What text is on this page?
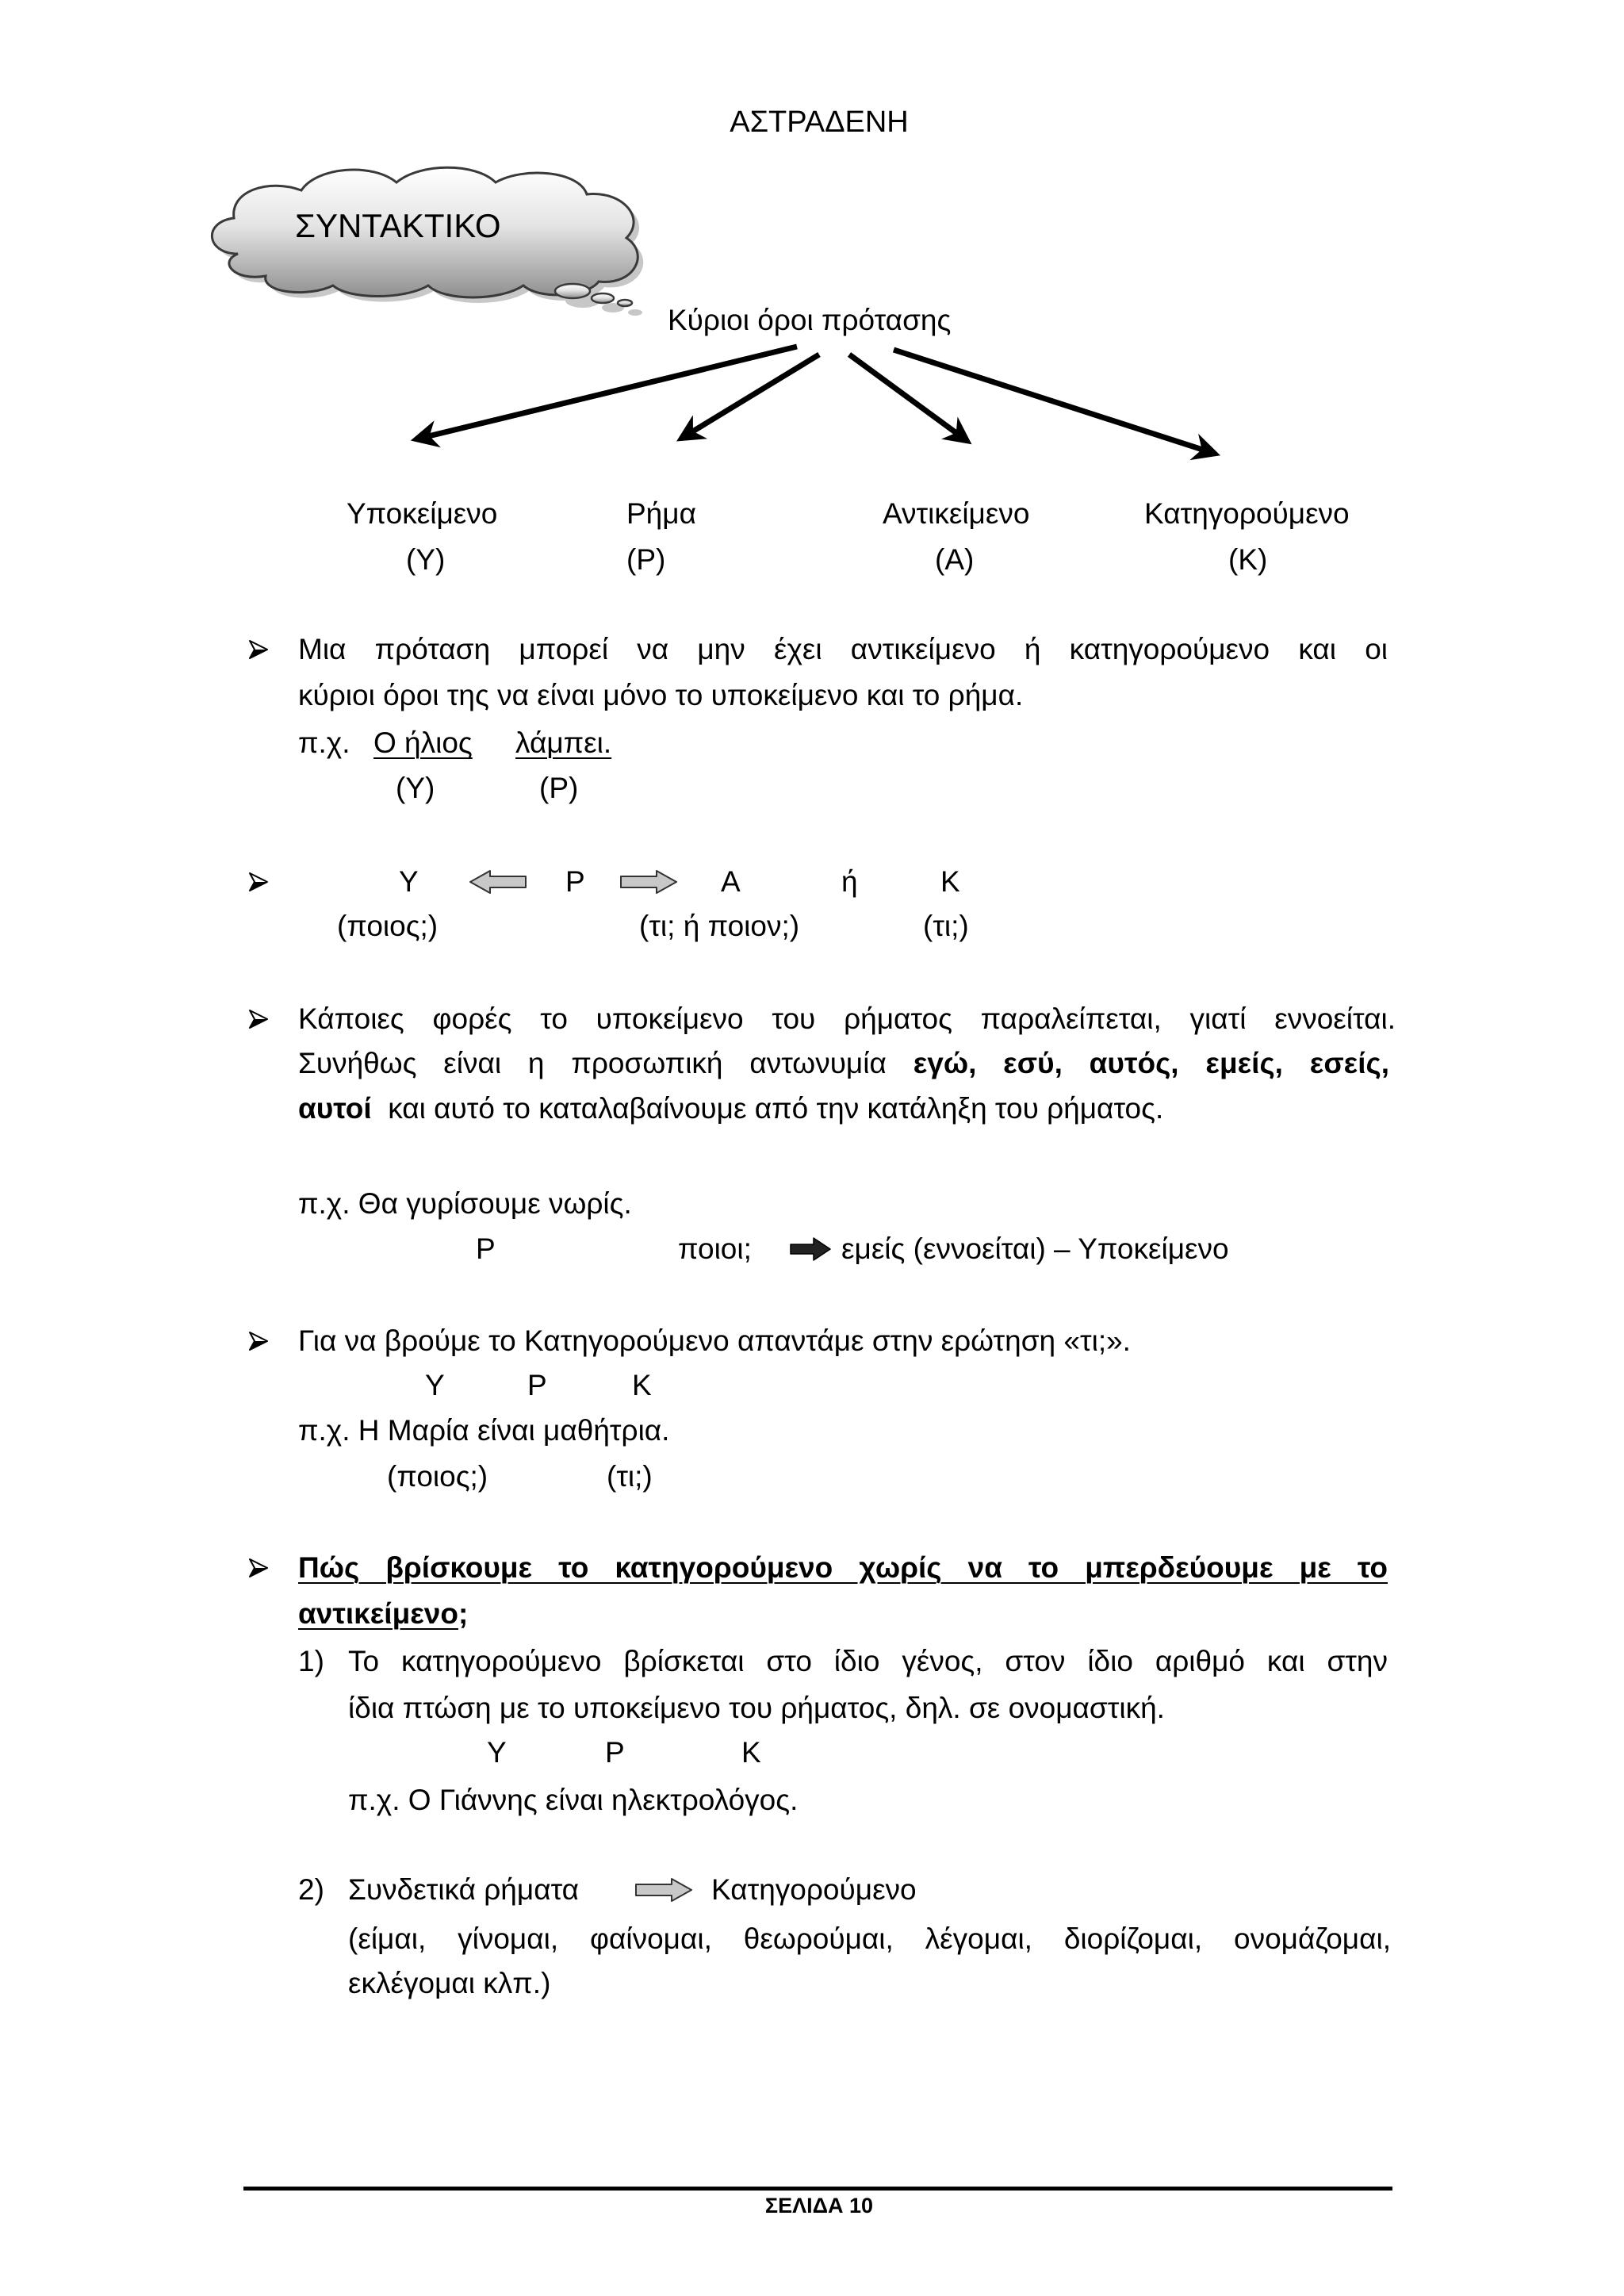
ΑΣΤΡΑΔΕΝΗ
ΣΥΝΤΑΚΤΙΚΟ
Κύριοι όροι πρότασης
Υποκείμενο	Ρήμα	Αντικείμενο	Κατηγορούμενο
(Υ)	(Ρ)	(Α)	(Κ)
Μια πρόταση μπορεί να μην έχει αντικείμενο ή κατηγορούμενο και οι
κύριοι όροι της να είναι μόνο το υποκείμενο και το ρήμα.
π.χ. Ο ήλιος λάμπει.
(Υ)	(Ρ)
Υ	Ρ	Α	ή	Κ
(ποιος;)	(τι; ή ποιον;)	(τι;)
Κάποιες φορές το υποκείμενο του ρήματος παραλείπεται, γιατί εννοείται.
Συνήθως είναι η προσωπική αντωνυμία εγώ, εσύ, αυτός, εμείς, εσείς,
αυτοί και αυτό το καταλαβαίνουμε από την κατάληξη του ρήματος.
π.χ. Θα γυρίσουμε νωρίς.
Ρ	ποιοι;	εμείς (εννοείται) – Υποκείμενο
Για να βρούμε το Κατηγορούμενο απαντάμε στην ερώτηση «τι;».
Υ	Ρ	Κ
π.χ. Η Μαρία είναι μαθήτρια.
(ποιος;)	(τι;)
Πώς βρίσκουμε το κατηγορούμενο χωρίς να το μπερδεύουμε με το
αντικείμενο;
1) Το κατηγορούμενο βρίσκεται στο ίδιο γένος, στον ίδιο αριθμό και στην
ίδια πτώση με το υποκείμενο του ρήματος, δηλ. σε ονομαστική.
Υ	Ρ	Κ
π.χ. Ο Γιάννης είναι ηλεκτρολόγος.
2) Συνδετικά ρήματα	Κατηγορούμενο
(είμαι, γίνομαι, φαίνομαι, θεωρούμαι, λέγομαι, διορίζομαι, ονομάζομαι,
εκλέγομαι κλπ.)
ΣΕΛΙΔΑ 10
